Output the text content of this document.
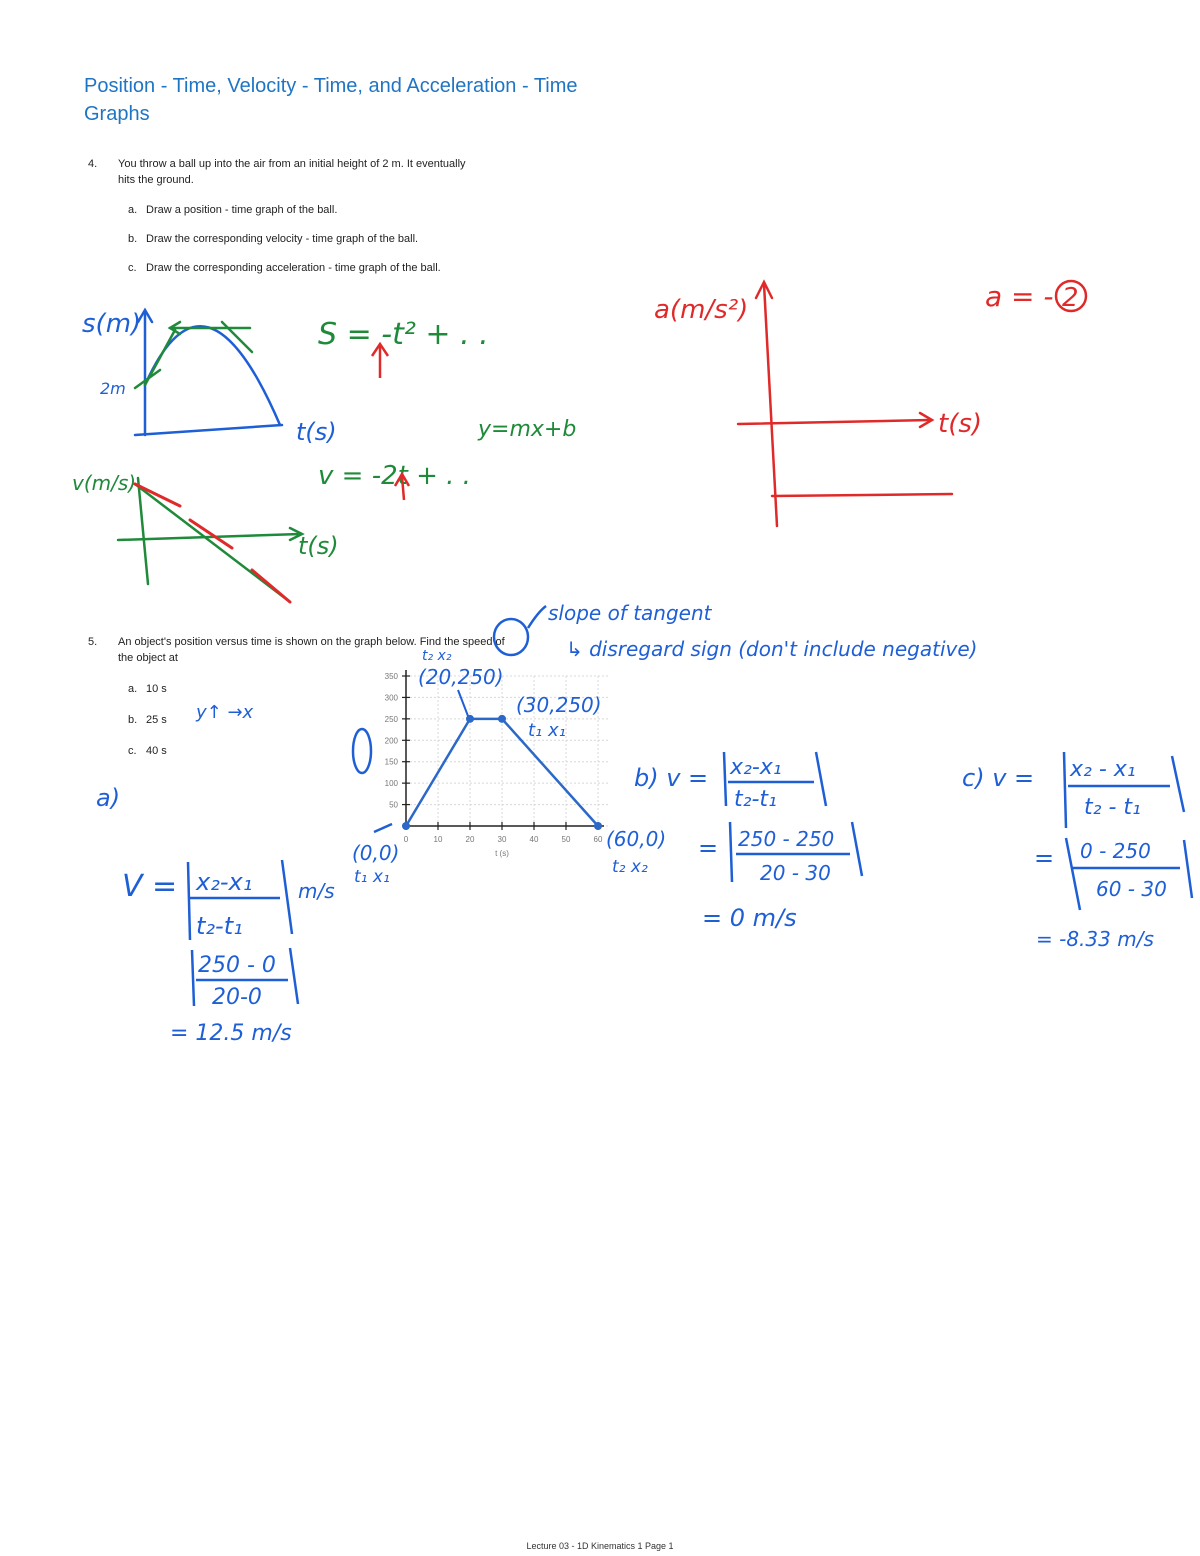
Position - Time, Velocity - Time, and Acceleration - Time Graphs
4. You throw a ball up into the air from an initial height of 2 m. It eventually
hits the ground.
a. Draw a position - time graph of the ball.
b. Draw the corresponding velocity - time graph of the ball.
c. Draw the corresponding acceleration - time graph of the ball.
5. An object's position versus time is shown on the graph below. Find the speed of
the object at
a. 10 s
b. 25 s
c. 40 s
s(m)
2m
t(s)
S = -t² + . .
y=mx+b
v(m/s)
t(s)
v = -2t + . .
a(m/s²)
t(s)
a = - 2
0	10	20	30	40	50	60
300
250
200
150
100
50
350
t (s)
slope of tangent
↳ disregard sign (don't include negative)
t₂ x₂
(20,250)
(30,250)
t₁ x₁
(0,0)
t₁ x₁
(60,0)
t₂ x₂
y↑ →x
a)
V = x₂-x₁
t₂-t₁
m/s
250 - 0
20-0
= 12.5 m/s
b) v = x₂-x₁
t₂-t₁
= 250 - 250
20 - 30
= 0 m/s
c) v = x₂ - x₁
t₂ - t₁
= 0 - 250
60 - 30
= -8.33 m/s
Lecture 03 - 1D Kinematics 1 Page 1
